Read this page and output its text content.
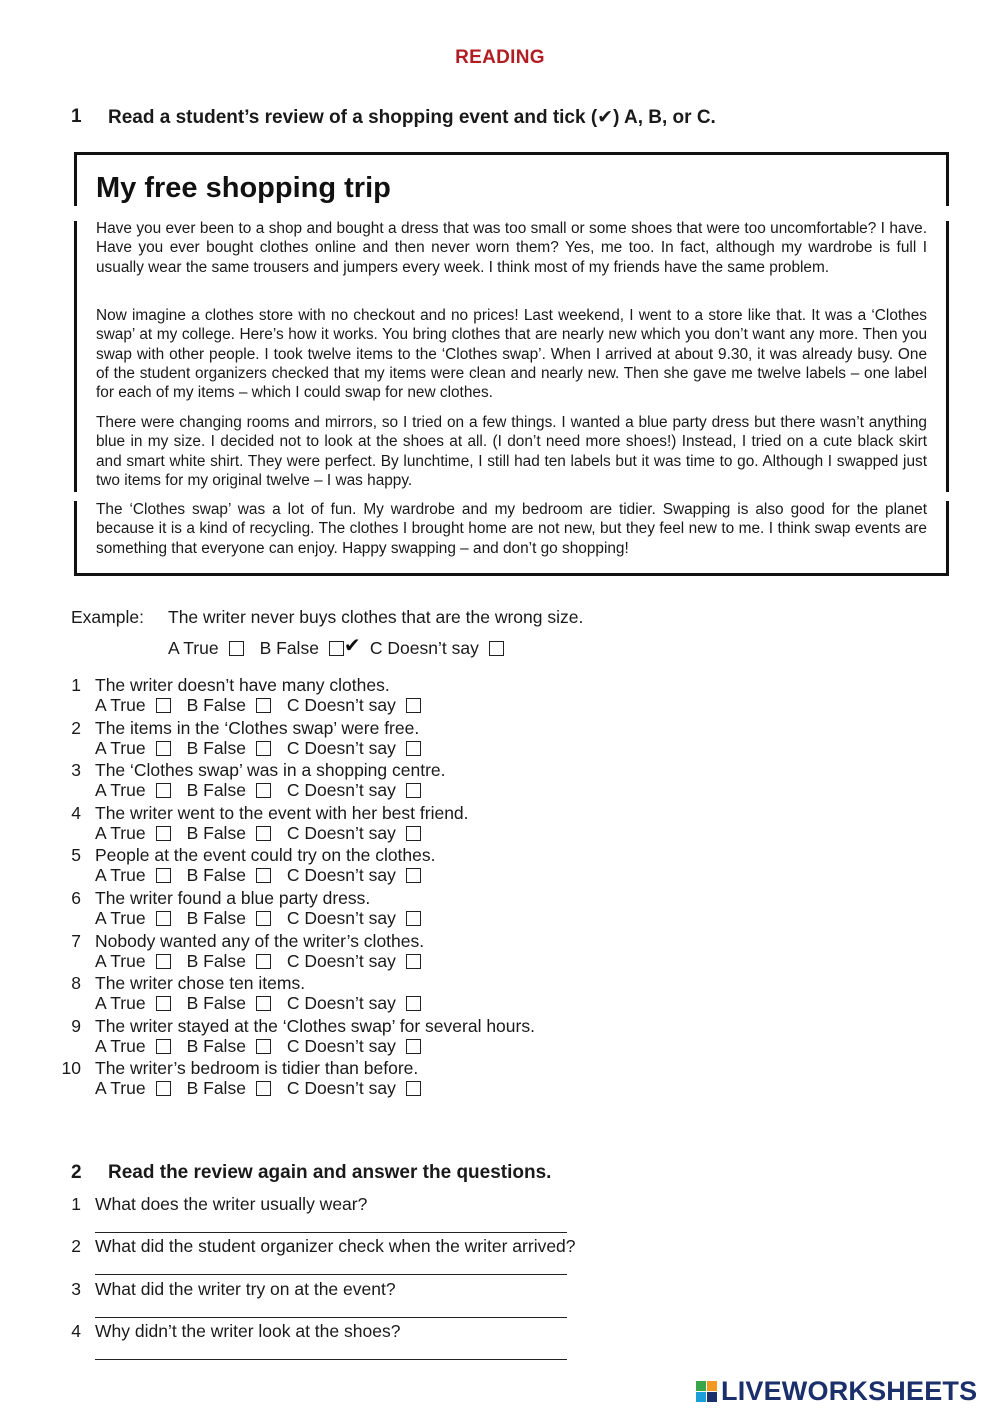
READING
1 Read a student’s review of a shopping event and tick (✔) A, B, or C.
My free shopping trip
Have you ever been to a shop and bought a dress that was too small or some shoes that were too uncomfortable? I have. Have you ever bought clothes online and then never worn them? Yes, me too. In fact, although my wardrobe is full I usually wear the same trousers and jumpers every week. I think most of my friends have the same problem.
Now imagine a clothes store with no checkout and no prices! Last weekend, I went to a store like that. It was a ‘Clothes swap’ at my college. Here’s how it works. You bring clothes that are nearly new which you don’t want any more. Then you swap with other people. I took twelve items to the ‘Clothes swap’. When I arrived at about 9.30, it was already busy. One of the student organizers checked that my items were clean and nearly new. Then she gave me twelve labels – one label for each of my items – which I could swap for new clothes.
There were changing rooms and mirrors, so I tried on a few things. I wanted a blue party dress but there wasn’t anything blue in my size. I decided not to look at the shoes at all. (I don’t need more shoes!) Instead, I tried on a cute black skirt and smart white shirt. They were perfect. By lunchtime, I still had ten labels but it was time to go. Although I swapped just two items for my original twelve – I was happy.
The ‘Clothes swap’ was a lot of fun. My wardrobe and my bedroom are tidier. Swapping is also good for the planet because it is a kind of recycling. The clothes I brought home are not new, but they feel new to me. I think swap events are something that everyone can enjoy. Happy swapping – and don’t go shopping!
Example: The writer never buys clothes that are the wrong size.
A True B False ✔ C Doesn’t say
1 The writer doesn’t have many clothes.
A True B False C Doesn’t say
2 The items in the ‘Clothes swap’ were free.
A True B False C Doesn’t say
3 The ‘Clothes swap’ was in a shopping centre.
A True B False C Doesn’t say
4 The writer went to the event with her best friend.
A True B False C Doesn’t say
5 People at the event could try on the clothes.
A True B False C Doesn’t say
6 The writer found a blue party dress.
A True B False C Doesn’t say
7 Nobody wanted any of the writer’s clothes.
A True B False C Doesn’t say
8 The writer chose ten items.
A True B False C Doesn’t say
9 The writer stayed at the ‘Clothes swap’ for several hours.
A True B False C Doesn’t say
10 The writer’s bedroom is tidier than before.
A True B False C Doesn’t say
2 Read the review again and answer the questions.
1 What does the writer usually wear?
2 What did the student organizer check when the writer arrived?
3 What did the writer try on at the event?
4 Why didn’t the writer look at the shoes?
LIVEWORKSHEETS
